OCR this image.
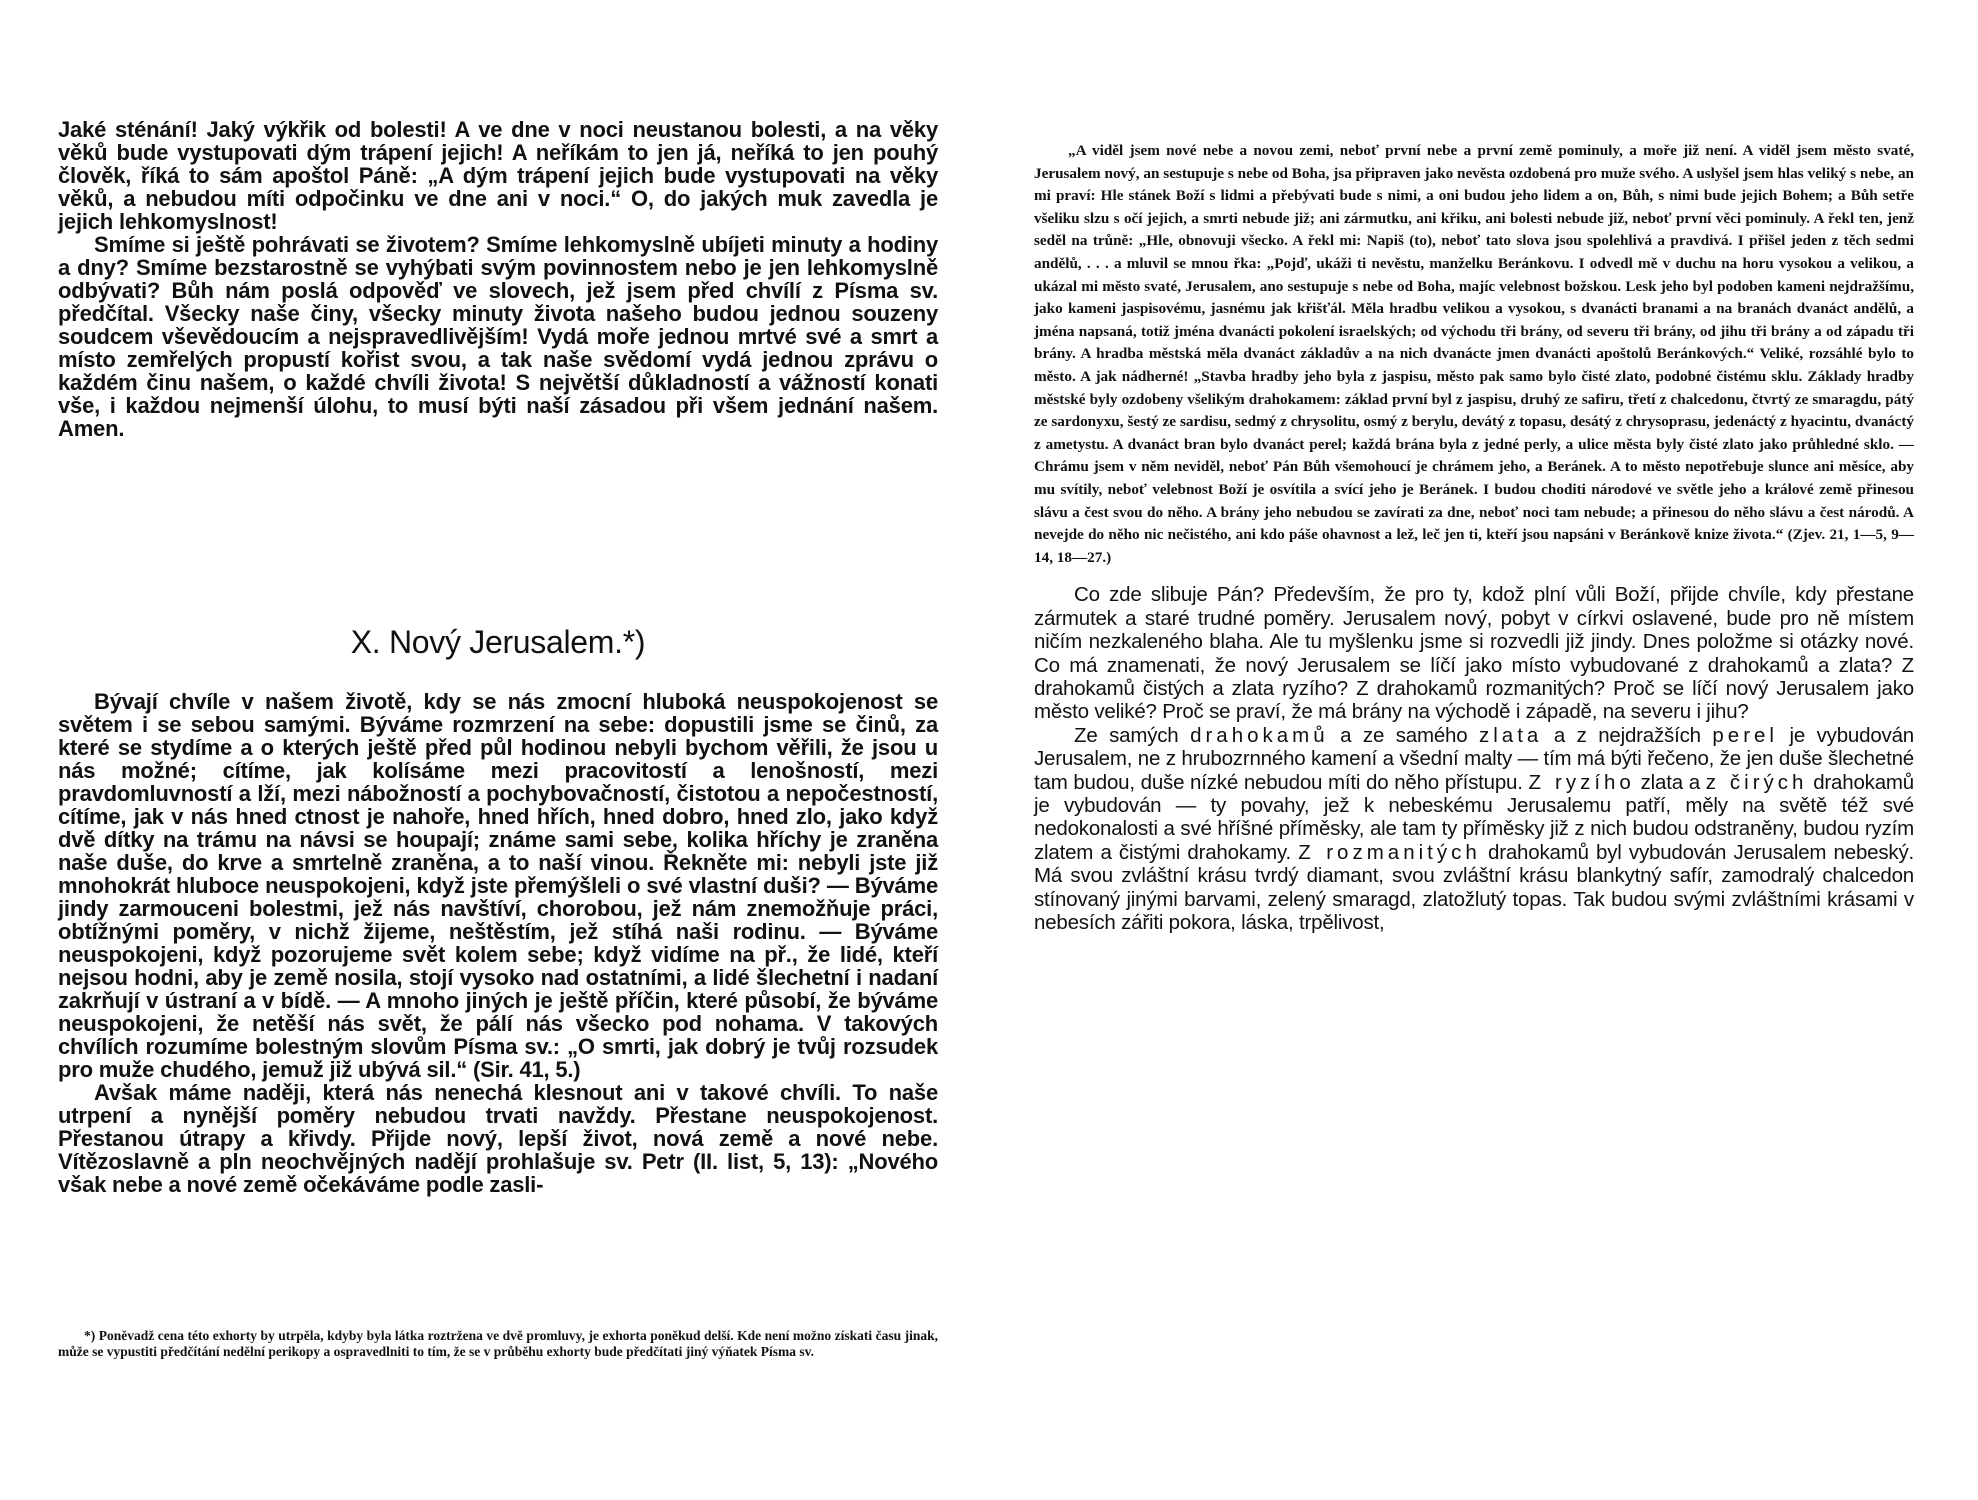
Jaké sténání! Jaký výkřik od bolesti! A ve dne v noci neustanou bolesti, a na věky věků bude vystupovati dým trápení jejich! A neříkám to jen já, neříká to jen pouhý člověk, říká to sám apoštol Páně: „A dým trápení jejich bude vystupovati na věky věků, a nebudou míti odpočinku ve dne ani v noci.“ O, do jakých muk zavedla je jejich lehkomyslnost!

Smíme si ještě pohrávati se životem? Smíme lehkomyslně ubíjeti minuty a hodiny a dny? Smíme bezstarostně se vyhýbati svým povinnostem nebo je jen lehkomyslně odbývati? Bůh nám poslá odpověď ve slovech, jež jsem před chvílí z Písma sv. předčítal. Všecky naše činy, všecky minuty života našeho budou jednou souzeny soudcem vševědoucím a nejspravedlivějším! Vydá moře jednou mrtvé své a smrt a místo zemřelých propustí kořist svou, a tak naše svědomí vydá jednou zprávu o každém činu našem, o každé chvíli života! S největší důkladností a vážností konati vše, i každou nejmenší úlohu, to musí býti naší zásadou při všem jednání našem. Amen.

X. Nový Jerusalem.*)

Bývají chvíle v našem životě, kdy se nás zmocní hluboká neuspokojenost se světem i se sebou samými. Býváme rozmrzení na sebe: dopustili jsme se činů, za které se stydíme a o kterých ještě před půl hodinou nebyli bychom věřili, že jsou u nás možné; cítíme, jak kolísáme mezi pracovitostí a lenošností, mezi pravdomluvností a lží, mezi nábožností a pochybovačností, čistotou a nepočestností, cítíme, jak v nás hned ctnost je nahoře, hned hřích, hned dobro, hned zlo, jako když dvě dítky na trámu na návsi se houpají; známe sami sebe, kolika hříchy je zraněna naše duše, do krve a smrtelně zraněna, a to naší vinou. Řekněte mi: nebyli jste již mnohokrát hluboce neuspokojeni, když jste přemýšleli o své vlastní duši? — Býváme jindy zarmouceni bolestmi, jež nás navštíví, chorobou, jež nám znemožňuje práci, obtížnými poměry, v nichž žijeme, neštěstím, jež stíhá naši rodinu. — Býváme neuspokojeni, když pozorujeme svět kolem sebe; když vidíme na př., že lidé, kteří nejsou hodni, aby je země nosila, stojí vysoko nad ostatními, a lidé šlechetní i nadaní zakrňují v ústraní a v bídě. — A mnoho jiných je ještě příčin, které působí, že býváme neuspokojeni, že netěší nás svět, že pálí nás všecko pod nohama. V takových chvílích rozumíme bolestným slovům Písma sv.: „O smrti, jak dobrý je tvůj rozsudek pro muže chudého, jemuž již ubývá sil.“ (Sir. 41, 5.)

Avšak máme naději, která nás nenechá klesnout ani v takové chvíli. To naše utrpení a nynější poměry nebudou trvati navždy. Přestane neuspokojenost. Přestanou útrapy a křivdy. Přijde nový, lepší život, nová země a nové nebe. Vítězoslavně a pln neochvějných nadějí prohlašuje sv. Petr (II. list, 5, 13): „Nového však nebe a nové země očekáváme podle zasli-

*) Poněvadž cena této exhorty by utrpěla, kdyby byla látka roztržena ve dvě promluvy, je exhorta poněkud delší. Kde není možno získati času jinak, může se vypustiti předčítání nedělní perikopy a ospravedlniti to tím, že se v průběhu exhorty bude předčítati jiný výňatek Písma sv.

„A viděl jsem nové nebe a novou zemi, neboť první nebe a první země pominuly, a moře již není. A viděl jsem město svaté, Jerusalem nový, an sestupuje s nebe od Boha, jsa připraven jako nevěsta ozdobená pro muže svého. A uslyšel jsem hlas veliký s nebe, an mi praví: Hle stánek Boží s lidmi a přebývati bude s nimi, a oni budou jeho lidem a on, Bůh, s nimi bude jejich Bohem; a Bůh setře všeliku slzu s očí jejich, a smrti nebude již; ani zármutku, ani křiku, ani bolesti nebude již, neboť první věci pominuly. A řekl ten, jenž seděl na trůně: „Hle, obnovuji všecko. A řekl mi: Napiš (to), neboť tato slova jsou spolehlivá a pravdivá. I přišel jeden z těch sedmi andělů, . . . a mluvil se mnou řka: „Pojď, ukáži ti nevěstu, manželku Beránkovu. I odvedl mě v duchu na horu vysokou a velikou, a ukázal mi město svaté, Jerusalem, ano sestupuje s nebe od Boha, majíc velebnost božskou. Lesk jeho byl podoben kameni nejdražšímu, jako kameni jaspisovému, jasnému jak křišťál. Měla hradbu velikou a vysokou, s dvanácti branami a na branách dvanáct andělů, a jména napsaná, totiž jména dvanácti pokolení israelských; od východu tři brány, od severu tři brány, od jihu tři brány a od západu tři brány. A hradba městská měla dvanáct základův a na nich dvanácte jmen dvanácti apoštolů Beránkových.“ Veliké, rozsáhlé bylo to město. A jak nádherné! „Stavba hradby jeho byla z jaspisu, město pak samo bylo čisté zlato, podobné čistému sklu. Základy hradby městské byly ozdobeny všelikým drahokamem: základ první byl z jaspisu, druhý ze safiru, třetí z chalcedonu, čtvrtý ze smaragdu, pátý ze sardonyxu, šestý ze sardisu, sedmý z chrysolitu, osmý z berylu, devátý z topasu, desátý z chrysoprasu, jedenáctý z hyacintu, dvanáctý z ametystu. A dvanáct bran bylo dvanáct perel; každá brána byla z jedné perly, a ulice města byly čisté zlato jako průhledné sklo. — Chrámu jsem v něm neviděl, neboť Pán Bůh všemohoucí je chrámem jeho, a Beránek. A to město nepotřebuje slunce ani měsíce, aby mu svítily, neboť velebnost Boží je osvítila a svící jeho je Beránek. I budou choditi národové ve světle jeho a králové země přinesou slávu a čest svou do něho. A brány jeho nebudou se zavírati za dne, neboť noci tam nebude; a přinesou do něho slávu a čest národů. A nevejde do něho nic nečistého, ani kdo páše ohavnost a lež, leč jen ti, kteří jsou napsáni v Beránkově knize života.“ (Zjev. 21, 1—5, 9—14, 18—27.)

Co zde slibuje Pán? Především, že pro ty, kdož plní vůli Boží, přijde chvíle, kdy přestane zármutek a staré trudné poměry. Jerusalem nový, pobyt v církvi oslavené, bude pro ně místem ničím nezkaleného blaha. Ale tu myšlenku jsme si rozvedli již jindy. Dnes položme si otázky nové. Co má znamenati, že nový Jerusalem se líčí jako místo vybudované z drahokamů a zlata? Z drahokamů čistých a zlata ryzího? Z drahokamů rozmanitých? Proč se líčí nový Jerusalem jako město veliké? Proč se praví, že má brány na východě i západě, na severu i jihu?

Ze samých drahokamů a ze samého zlata a z nejdražších perel je vybudován Jerusalem, ne z hrubozrnného kamení a všední malty — tím má býti řečeno, že jen duše šlechetné tam budou, duše nízké nebudou míti do něho přístupu. Z ryzího zlata a z čirých drahokamů je vybudován — ty povahy, jež k nebeskému Jerusalemu patří, měly na světě též své nedokonalosti a své hříšné příměsky, ale tam ty příměsky již z nich budou odstraněny, budou ryzím zlatem a čistými drahokamy. Z rozmanitých drahokamů byl vybudován Jerusalem nebeský. Má svou zvláštní krásu tvrdý diamant, svou zvláštní krásu blankytný safír, zamodralý chalcedon stínovaný jinými barvami, zelený smaragd, zlatožlutý topas. Tak budou svými zvláštními krásami v nebesích zářiti pokora, láska, trpělivost,
